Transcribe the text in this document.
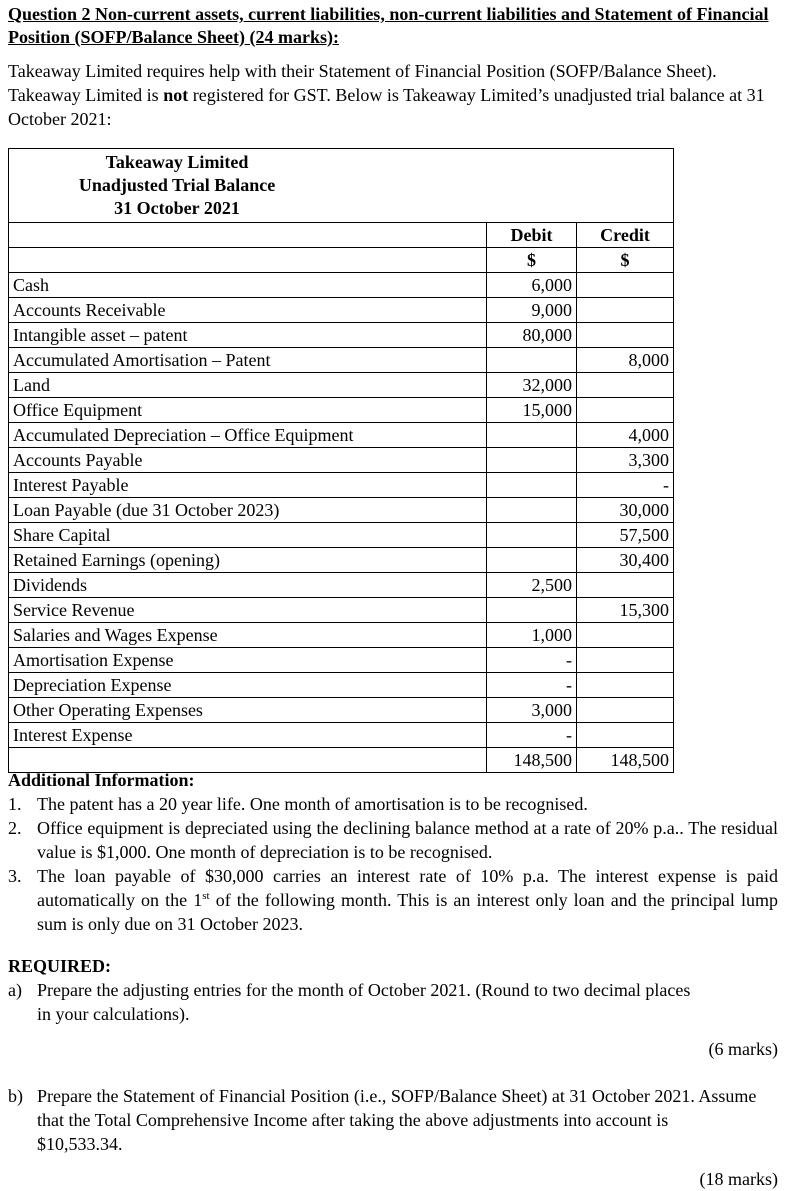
Question 2 Non-current assets, current liabilities, non-current liabilities and Statement of Financial Position (SOFP/Balance Sheet) (24 marks):
Takeaway Limited requires help with their Statement of Financial Position (SOFP/Balance Sheet). Takeaway Limited is not registered for GST. Below is Takeaway Limited’s unadjusted trial balance at 31 October 2021:
Takeaway Limited
Unadjusted Trial Balance
31 October 2021		

	Debit	Credit
	$	$
Cash	6,000	
Accounts Receivable	9,000	
Intangible asset – patent	80,000	
Accumulated Amortisation – Patent		8,000
Land	32,000	
Office Equipment	15,000	
Accumulated Depreciation – Office Equipment		4,000
Accounts Payable		3,300
Interest Payable		-
Loan Payable (due 31 October 2023)		30,000
Share Capital		57,500
Retained Earnings (opening)		30,400
Dividends	2,500	
Service Revenue		15,300
Salaries and Wages Expense	1,000	
Amortisation Expense	-	
Depreciation Expense	-	
Other Operating Expenses	3,000	
Interest Expense	-	
	148,500	148,500
Additional Information:
1. The patent has a 20 year life. One month of amortisation is to be recognised.
2. Office equipment is depreciated using the declining balance method at a rate of 20% p.a.. The residual value is $1,000. One month of depreciation is to be recognised.
3. The loan payable of $30,000 carries an interest rate of 10% p.a. The interest expense is paid automatically on the 1st of the following month. This is an interest only loan and the principal lump sum is only due on 31 October 2023.
REQUIRED:
a) Prepare the adjusting entries for the month of October 2021. (Round to two decimal places in your calculations).
(6 marks)
b) Prepare the Statement of Financial Position (i.e., SOFP/Balance Sheet) at 31 October 2021. Assume that the Total Comprehensive Income after taking the above adjustments into account is $10,533.34.
(18 marks)
